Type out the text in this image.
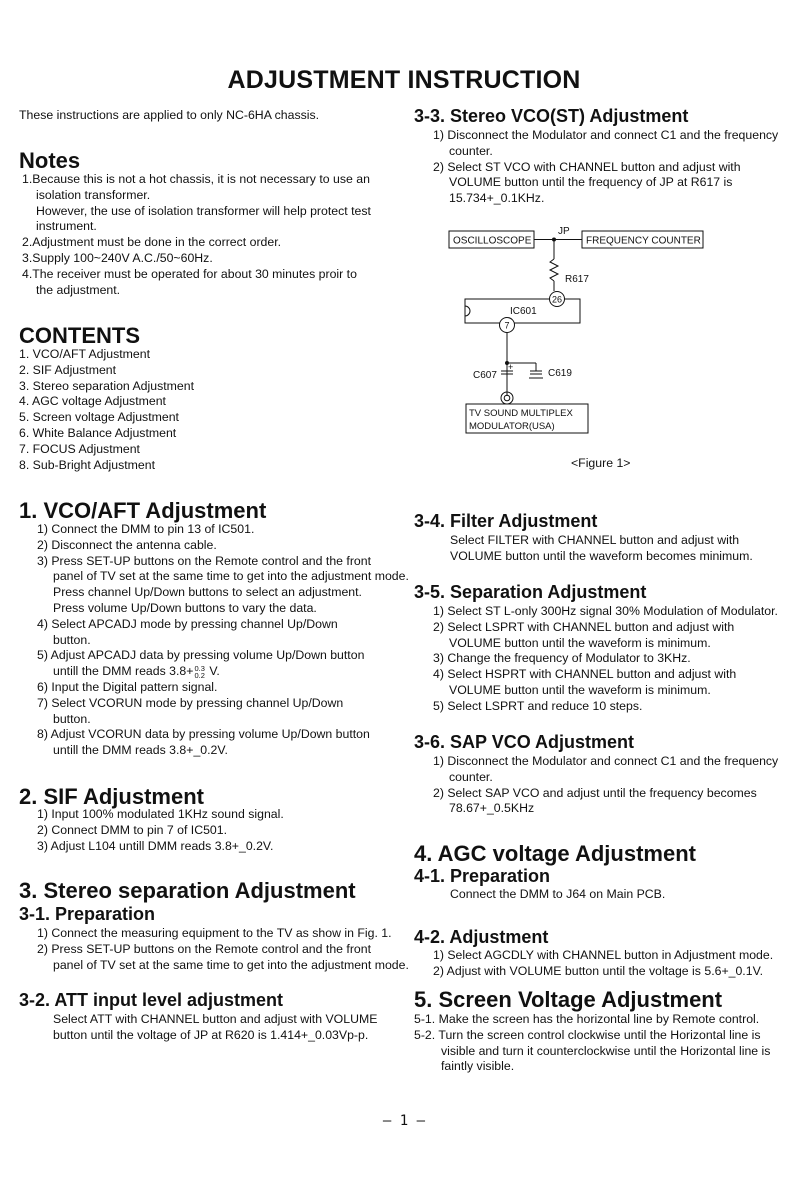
ADJUSTMENT INSTRUCTION
These instructions are applied to only NC-6HA chassis.
Notes
1.Because this is not a hot chassis, it is not necessary to use an
isolation transformer.
However, the use of isolation transformer will help protect test
instrument.
2.Adjustment must be done in the correct order.
3.Supply 100~240V A.C./50~60Hz.
4.The receiver must be operated for about 30 minutes proir to
the adjustment.
CONTENTS
1. VCO/AFT Adjustment
2. SIF Adjustment
3. Stereo separation Adjustment
4. AGC voltage Adjustment
5. Screen voltage Adjustment
6. White Balance Adjustment
7. FOCUS Adjustment
8. Sub-Bright Adjustment
1. VCO/AFT Adjustment
1) Connect the DMM to pin 13 of IC501.
2) Disconnect the antenna cable.
3) Press SET-UP buttons on the Remote control and the front
panel of TV set at the same time to get into the adjustment mode.
Press channel Up/Down buttons to select an adjustment.
Press volume Up/Down buttons to vary the data.
4) Select APCADJ mode by pressing channel Up/Down
button.
5) Adjust APCADJ data by pressing volume Up/Down button
untill the DMM reads 3.8+0.3
0.2 V.
6) Input the Digital pattern signal.
7) Select VCORUN mode by pressing channel Up/Down
button.
8) Adjust VCORUN data by pressing volume Up/Down button
untill the DMM reads 3.8+_0.2V.
2. SIF Adjustment
1) Input 100% modulated 1KHz sound signal.
2) Connect DMM to pin 7 of IC501.
3) Adjust L104 untill DMM reads 3.8+_0.2V.
3. Stereo separation Adjustment
3-1. Preparation
1) Connect the measuring equipment to the TV as show in Fig. 1.
2) Press SET-UP buttons on the Remote control and the front
panel of TV set at the same time to get into the adjustment mode.
3-2. ATT input level adjustment
Select ATT with CHANNEL button and adjust with VOLUME
button until the voltage of JP at R620 is 1.414+_0.03Vp-p.
3-3. Stereo VCO(ST) Adjustment
1) Disconnect the Modulator and connect C1 and the frequency
counter.
2) Select ST VCO with CHANNEL button and adjust with
VOLUME button until the frequency of JP at R617 is
15.734+_0.1KHz.
OSCILLOSCOPE	FREQUENCY COUNTER
JP
R617
26
IC601
7
C607	C619
+
TV SOUND MULTIPLEX
MODULATOR(USA)
<Figure 1>
3-4. Filter Adjustment
Select FILTER with CHANNEL button and adjust with
VOLUME button until the waveform becomes minimum.
3-5. Separation Adjustment
1) Select ST L-only 300Hz signal 30% Modulation of Modulator.
2) Select LSPRT with CHANNEL button and adjust with
VOLUME button until the waveform is minimum.
3) Change the frequency of Modulator to 3KHz.
4) Select HSPRT with CHANNEL button and adjust with
VOLUME button until the waveform is minimum.
5) Select LSPRT and reduce 10 steps.
3-6. SAP VCO Adjustment
1) Disconnect the Modulator and connect C1 and the frequency
counter.
2) Select SAP VCO and adjust until the frequency becomes
78.67+_0.5KHz
4. AGC voltage Adjustment
4-1. Preparation
Connect the DMM to J64 on Main PCB.
4-2. Adjustment
1) Select AGCDLY with CHANNEL button in Adjustment mode.
2) Adjust with VOLUME button until the voltage is 5.6+_0.1V.
5. Screen Voltage Adjustment
5-1. Make the screen has the horizontal line by Remote control.
5-2. Turn the screen control clockwise until the Horizontal line is
visible and turn it counterclockwise until the Horizontal line is
faintly visible.
– 1 –
